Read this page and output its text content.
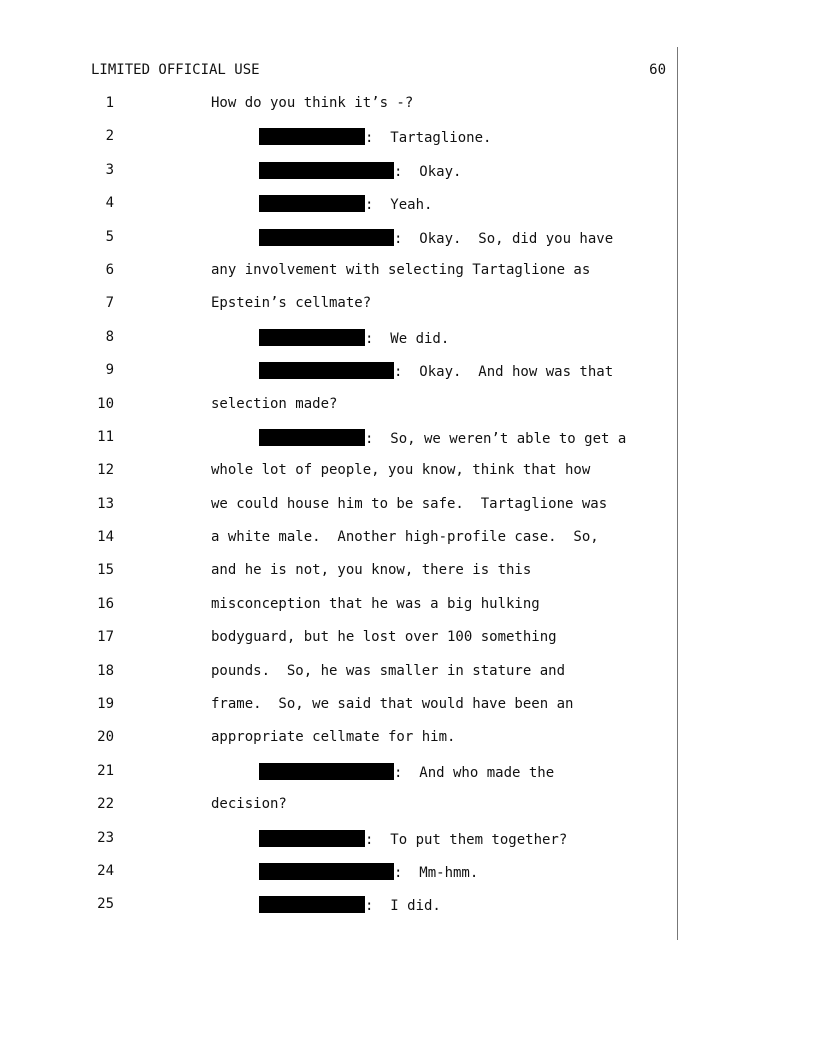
LIMITED OFFICIAL USE	60
1	How do you think it’s -?
2	:  Tartaglione.
3	:  Okay.
4	:  Yeah.
5	:  Okay.  So, did you have
6	any involvement with selecting Tartaglione as
7	Epstein’s cellmate?
8	:  We did.
9	:  Okay.  And how was that
10	selection made?
11	:  So, we weren’t able to get a
12	whole lot of people, you know, think that how
13	we could house him to be safe.  Tartaglione was
14	a white male.  Another high-profile case.  So,
15	and he is not, you know, there is this
16	misconception that he was a big hulking
17	bodyguard, but he lost over 100 something
18	pounds.  So, he was smaller in stature and
19	frame.  So, we said that would have been an
20	appropriate cellmate for him.
21	:  And who made the
22	decision?
23	:  To put them together?
24	:  Mm-hmm.
25	:  I did.
